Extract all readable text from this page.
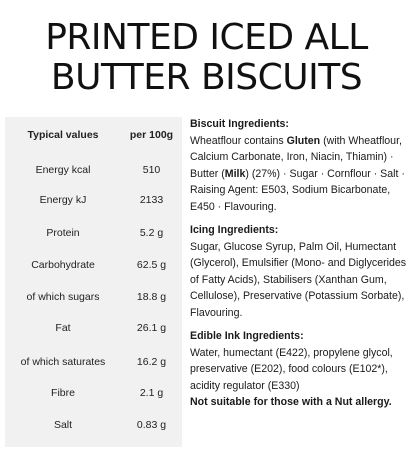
PRINTED ICED ALL
BUTTER BISCUITS
Typical values	per 100g
Energy kcal	510
Energy kJ	2133
Protein	5.2 g
Carbohydrate	62.5 g
of which sugars	18.8 g
Fat	26.1 g
of which saturates	16.2 g
Fibre	2.1 g
Salt	0.83 g

Biscuit Ingredients:
Wheatflour contains Gluten (with Wheatflour, Calcium Carbonate, Iron, Niacin, Thiamin) · Butter (Milk) (27%) · Sugar · Cornflour · Salt · Raising Agent: E503, Sodium Bicarbonate, E450 · Flavouring.

Icing Ingredients:
Sugar, Glucose Syrup, Palm Oil, Humectant (Glycerol), Emulsifier (Mono- and Diglycerides of Fatty Acids), Stabilisers (Xanthan Gum, Cellulose), Preservative (Potassium Sorbate), Flavouring.

Edible Ink Ingredients:
Water, humectant (E422), propylene glycol, preservative (E202), food colours (E102*), acidity regulator (E330)
Not suitable for those with a Nut allergy.
